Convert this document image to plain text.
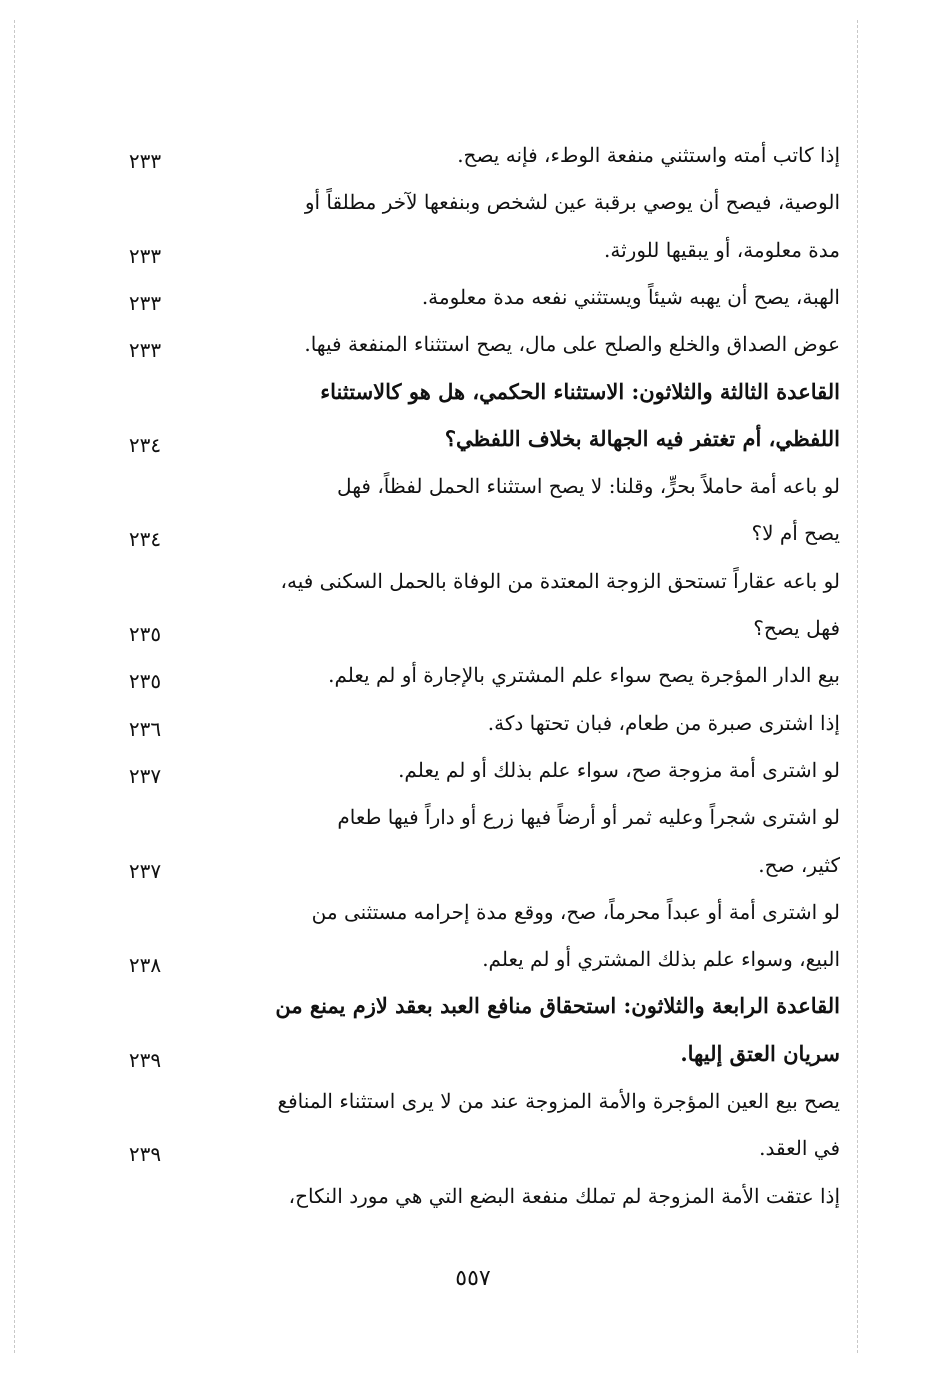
إذا كاتب أمته واستثني منفعة الوطء، فإنه يصح.
٢٣٣
الوصية، فيصح أن يوصي برقبة عين لشخص وبنفعها لآخر مطلقاً أو
مدة معلومة، أو يبقيها للورثة.
٢٣٣
الهبة، يصح أن يهبه شيئاً ويستثني نفعه مدة معلومة.
٢٣٣
عوض الصداق والخلع والصلح على مال، يصح استثناء المنفعة فيها.
٢٣٣
القاعدة الثالثة والثلاثون: الاستثناء الحكمي، هل هو كالاستثناء
اللفظي، أم تغتفر فيه الجهالة بخلاف اللفظي؟
٢٣٤
لو باعه أمة حاملاً بحرٍّ، وقلنا: لا يصح استثناء الحمل لفظاً، فهل
يصح أم لا؟
٢٣٤
لو باعه عقاراً تستحق الزوجة المعتدة من الوفاة بالحمل السكنى فيه،
فهل يصح؟
٢٣٥
بيع الدار المؤجرة يصح سواء علم المشتري بالإجارة أو لم يعلم.
٢٣٥
إذا اشترى صبرة من طعام، فبان تحتها دكة.
٢٣٦
لو اشترى أمة مزوجة صح، سواء علم بذلك أو لم يعلم.
٢٣٧
لو اشترى شجراً وعليه ثمر أو أرضاً فيها زرع أو داراً فيها طعام
كثير، صح.
٢٣٧
لو اشترى أمة أو عبداً محرماً، صح، ووقع مدة إحرامه مستثنى من
البيع، وسواء علم بذلك المشتري أو لم يعلم.
٢٣٨
القاعدة الرابعة والثلاثون: استحقاق منافع العبد بعقد لازم يمنع من
سريان العتق إليها.
٢٣٩
يصح بيع العين المؤجرة والأمة المزوجة عند من لا يرى استثناء المنافع
في العقد.
٢٣٩
إذا عتقت الأمة المزوجة لم تملك منفعة البضع التي هي مورد النكاح،
٥٥٧
